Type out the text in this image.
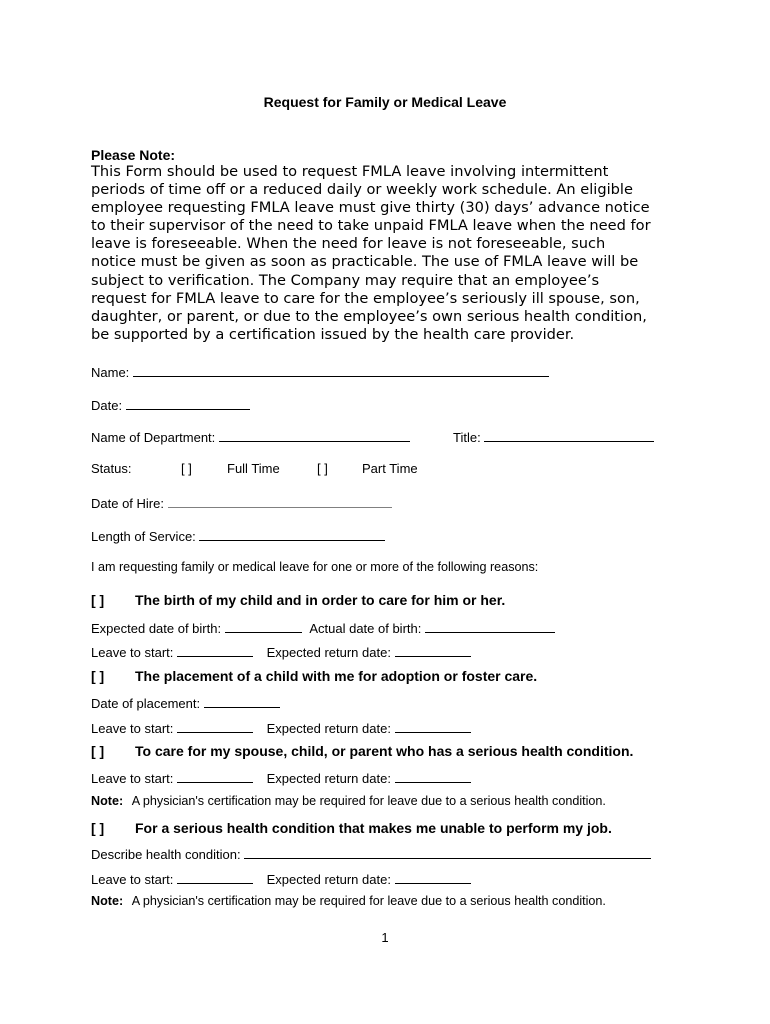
Request for Family or Medical Leave
Please Note:
This Form should be used to request FMLA leave involving intermittent
periods of time off or a reduced daily or weekly work schedule. An eligible
employee requesting FMLA leave must give thirty (30) days’ advance notice
to their supervisor of the need to take unpaid FMLA leave when the need for
leave is foreseeable. When the need for leave is not foreseeable, such
notice must be given as soon as practicable. The use of FMLA leave will be
subject to verification. The Company may require that an employee’s
request for FMLA leave to care for the employee’s seriously ill spouse, son,
daughter, or parent, or due to the employee’s own serious health condition,
be supported by a certification issued by the health care provider.
Name:
Date:
Name of Department:	Title:
Status:	[ ]	Full Time	[ ]	Part Time
Date of Hire:
Length of Service:
I am requesting family or medical leave for one or more of the following reasons:
[ ] The birth of my child and in order to care for him or her.
Expected date of birth:	Actual date of birth:
Leave to start:	Expected return date:
[ ] The placement of a child with me for adoption or foster care.
Date of placement:
Leave to start:	Expected return date:
[ ] To care for my spouse, child, or parent who has a serious health condition.
Leave to start:	Expected return date:
Note: A physician's certification may be required for leave due to a serious health condition.
[ ] For a serious health condition that makes me unable to perform my job.
Describe health condition:
Leave to start:	Expected return date:
Note: A physician's certification may be required for leave due to a serious health condition.
1
